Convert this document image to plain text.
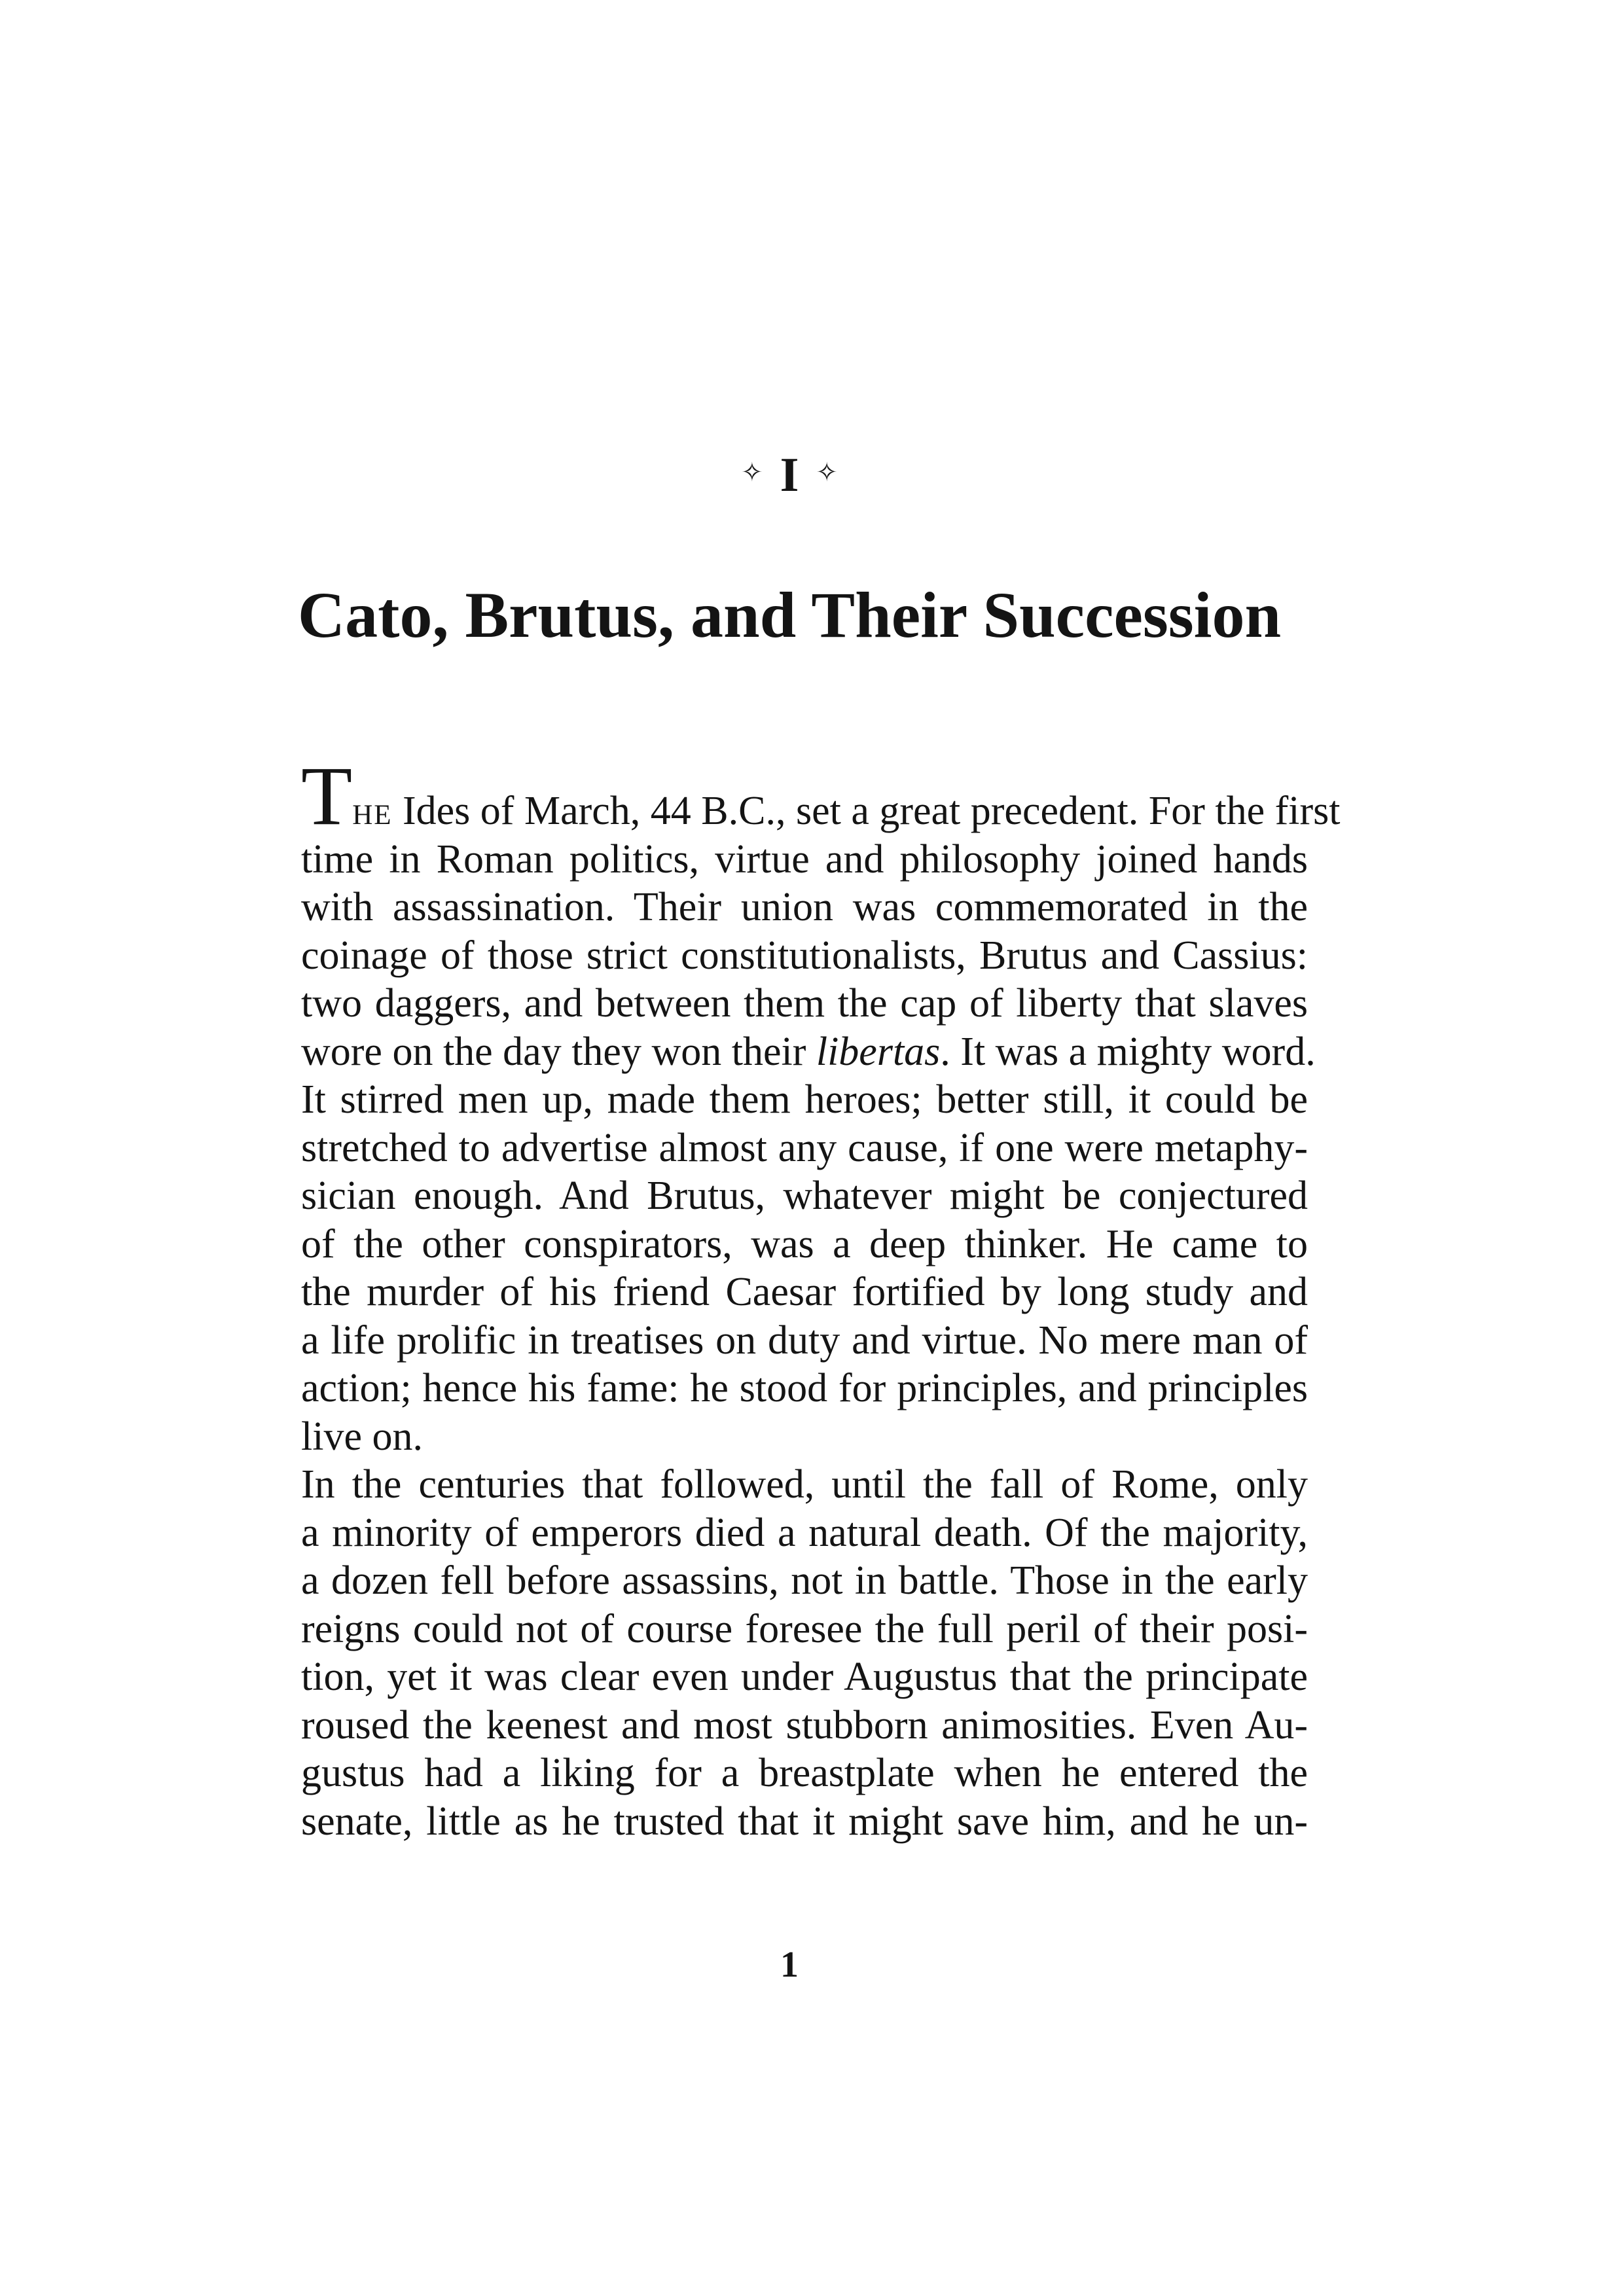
✧ I ✧
Cato, Brutus, and Their Succession
The Ides of March, 44 B.C., set a great precedent. For the first
time in Roman politics, virtue and philosophy joined hands
with assassination. Their union was commemorated in the
coinage of those strict constitutionalists, Brutus and Cassius:
two daggers, and between them the cap of liberty that slaves
wore on the day they won their libertas. It was a mighty word.
It stirred men up, made them heroes; better still, it could be
stretched to advertise almost any cause, if one were metaphy-
sician enough. And Brutus, whatever might be conjectured
of the other conspirators, was a deep thinker. He came to
the murder of his friend Caesar fortified by long study and
a life prolific in treatises on duty and virtue. No mere man of
action; hence his fame: he stood for principles, and principles
live on.
In the centuries that followed, until the fall of Rome, only
a minority of emperors died a natural death. Of the majority,
a dozen fell before assassins, not in battle. Those in the early
reigns could not of course foresee the full peril of their posi-
tion, yet it was clear even under Augustus that the principate
roused the keenest and most stubborn animosities. Even Au-
gustus had a liking for a breastplate when he entered the
senate, little as he trusted that it might save him, and he un-
1
